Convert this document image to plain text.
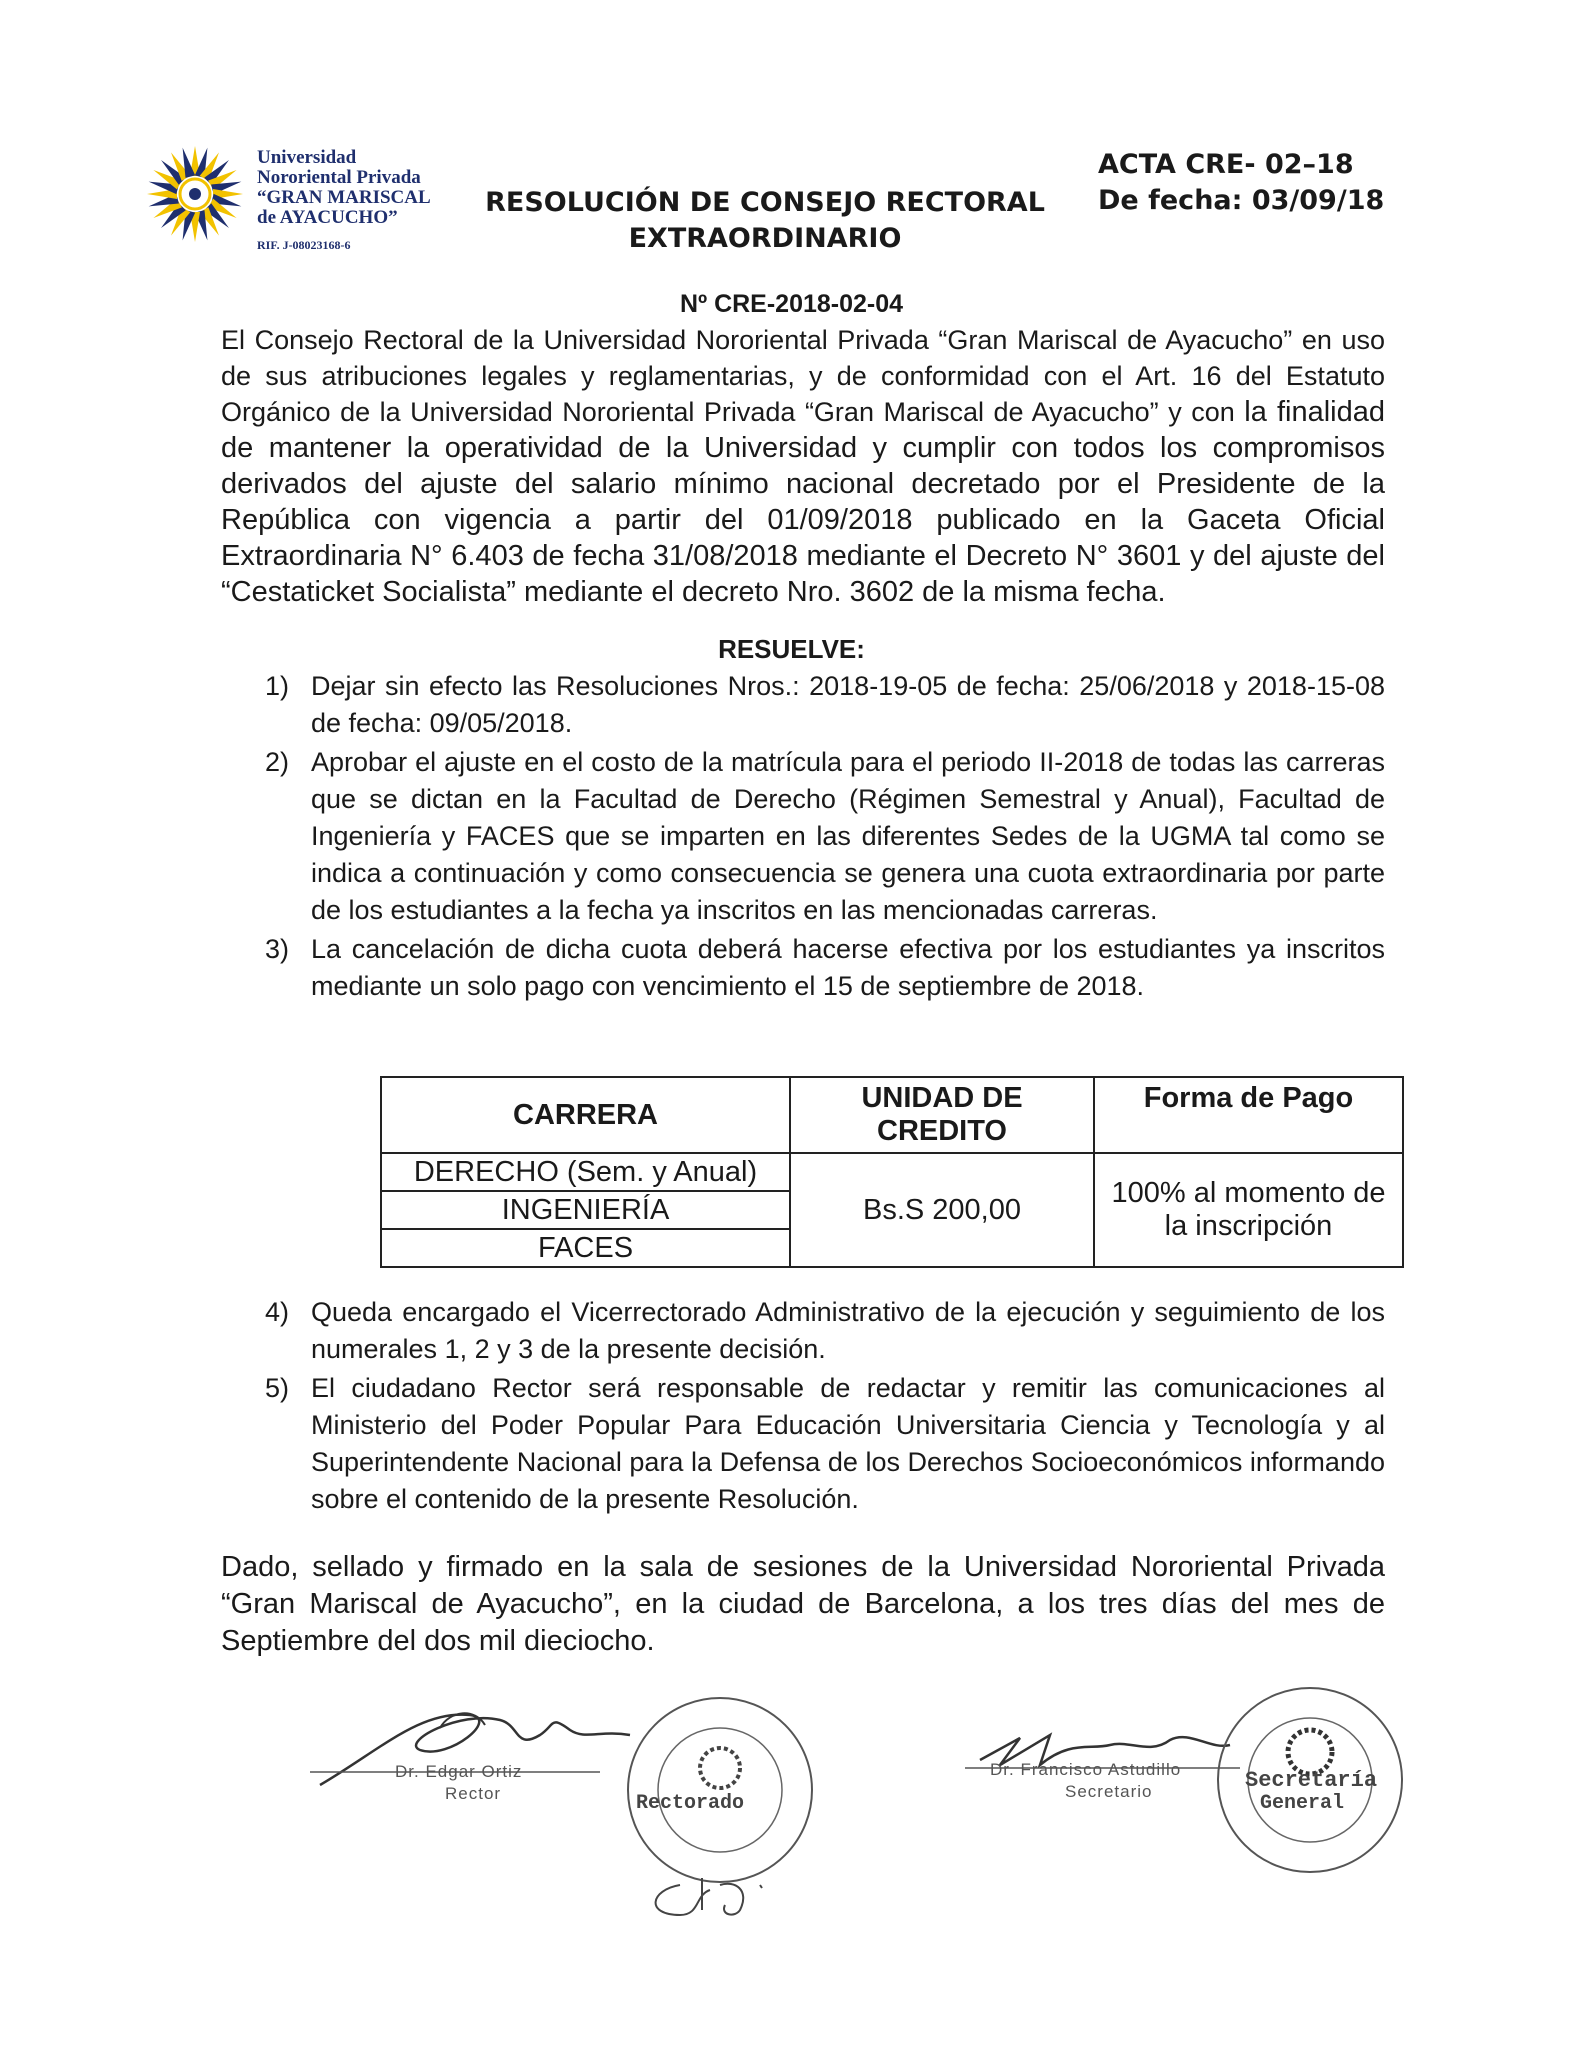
Universidad
Nororiental Privada
“GRAN MARISCAL
de AYACUCHO”
RIF. J-08023168-6
RESOLUCIÓN DE CONSEJO RECTORAL
EXTRAORDINARIO
ACTA CRE- 02–18
De fecha: 03/09/18
Nº CRE-2018-02-04
El Consejo Rectoral de la Universidad Nororiental Privada “Gran Mariscal de Ayacucho” en uso de sus atribuciones legales y reglamentarias, y de conformidad con el Art. 16 del Estatuto Orgánico de la Universidad Nororiental Privada “Gran Mariscal de Ayacucho” y con la finalidad de mantener la operatividad de la Universidad y cumplir con todos los compromisos derivados del ajuste del salario mínimo nacional decretado por el Presidente de la República con vigencia a partir del 01/09/2018 publicado en la Gaceta Oficial Extraordinaria N° 6.403 de fecha 31/08/2018 mediante el Decreto N° 3601 y del ajuste del “Cestaticket Socialista” mediante el decreto Nro. 3602 de la misma fecha.
RESUELVE:
1) Dejar sin efecto las Resoluciones Nros.: 2018-19-05 de fecha: 25/06/2018 y 2018-15-08 de fecha: 09/05/2018.
2) Aprobar el ajuste en el costo de la matrícula para el periodo II-2018 de todas las carreras que se dictan en la Facultad de Derecho (Régimen Semestral y Anual), Facultad de Ingeniería y FACES que se imparten en las diferentes Sedes de la UGMA tal como se indica a continuación y como consecuencia se genera una cuota extraordinaria por parte de los estudiantes a la fecha ya inscritos en las mencionadas carreras.
3) La cancelación de dicha cuota deberá hacerse efectiva por los estudiantes ya inscritos mediante un solo pago con vencimiento el 15 de septiembre de 2018.
CARRERA	UNIDAD DE CREDITO	Forma de Pago
DERECHO (Sem. y Anual)	Bs.S 200,00	100% al momento de la inscripción
INGENIERÍA		
FACES		
4) Queda encargado el Vicerrectorado Administrativo de la ejecución y seguimiento de los numerales 1, 2 y 3 de la presente decisión.
5) El ciudadano Rector será responsable de redactar y remitir las comunicaciones al Ministerio del Poder Popular Para Educación Universitaria Ciencia y Tecnología y al Superintendente Nacional para la Defensa de los Derechos Socioeconómicos informando sobre el contenido de la presente Resolución.
Dado, sellado y firmado en la sala de sesiones de la Universidad Nororiental Privada “Gran Mariscal de Ayacucho”, en la ciudad de Barcelona, a los tres días del mes de Septiembre del dos mil dieciocho.
Dr. Edgar Ortiz
Rector	Rectorado
Dr. Francisco Astudillo
Secretario	Secretaría
General
